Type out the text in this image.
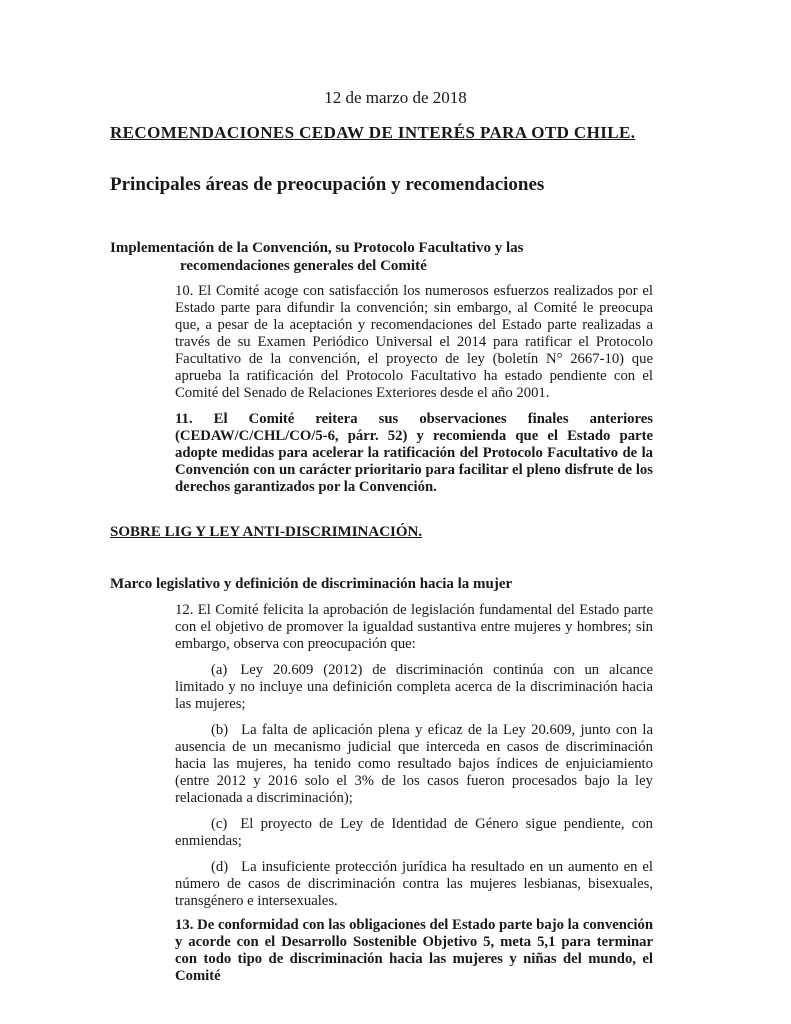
12 de marzo de 2018
RECOMENDACIONES CEDAW DE INTERÉS PARA OTD CHILE.
Principales áreas de preocupación y recomendaciones
Implementación de la Convención, su Protocolo Facultativo y las
recomendaciones generales del Comité

10. El Comité acoge con satisfacción los numerosos esfuerzos realizados por el Estado parte para difundir la convención; sin embargo, al Comité le preocupa que, a pesar de la aceptación y recomendaciones del Estado parte realizadas a través de su Examen Periódico Universal el 2014 para ratificar el Protocolo Facultativo de la convención, el proyecto de ley (boletín N° 2667-10) que aprueba la ratificación del Protocolo Facultativo ha estado pendiente con el Comité del Senado de Relaciones Exteriores desde el año 2001.

11. El Comité reitera sus observaciones finales anteriores (CEDAW/C/CHL/CO/5-6, párr. 52) y recomienda que el Estado parte adopte medidas para acelerar la ratificación del Protocolo Facultativo de la Convención con un carácter prioritario para facilitar el pleno disfrute de los derechos garantizados por la Convención.

SOBRE LIG Y LEY ANTI-DISCRIMINACIÓN.
Marco legislativo y definición de discriminación hacia la mujer

12. El Comité felicita la aprobación de legislación fundamental del Estado parte con el objetivo de promover la igualdad sustantiva entre mujeres y hombres; sin embargo, observa con preocupación que:

(a) Ley 20.609 (2012) de discriminación continúa con un alcance limitado y no incluye una definición completa acerca de la discriminación hacia las mujeres;

(b) La falta de aplicación plena y eficaz de la Ley 20.609, junto con la ausencia de un mecanismo judicial que interceda en casos de discriminación hacia las mujeres, ha tenido como resultado bajos índices de enjuiciamiento (entre 2012 y 2016 solo el 3% de los casos fueron procesados bajo la ley relacionada a discriminación);

(c) El proyecto de Ley de Identidad de Género sigue pendiente, con enmiendas;

(d) La insuficiente protección jurídica ha resultado en un aumento en el número de casos de discriminación contra las mujeres lesbianas, bisexuales, transgénero e intersexuales.

13. De conformidad con las obligaciones del Estado parte bajo la convención y acorde con el Desarrollo Sostenible Objetivo 5, meta 5,1 para terminar con todo tipo de discriminación hacia las mujeres y niñas del mundo, el Comité
